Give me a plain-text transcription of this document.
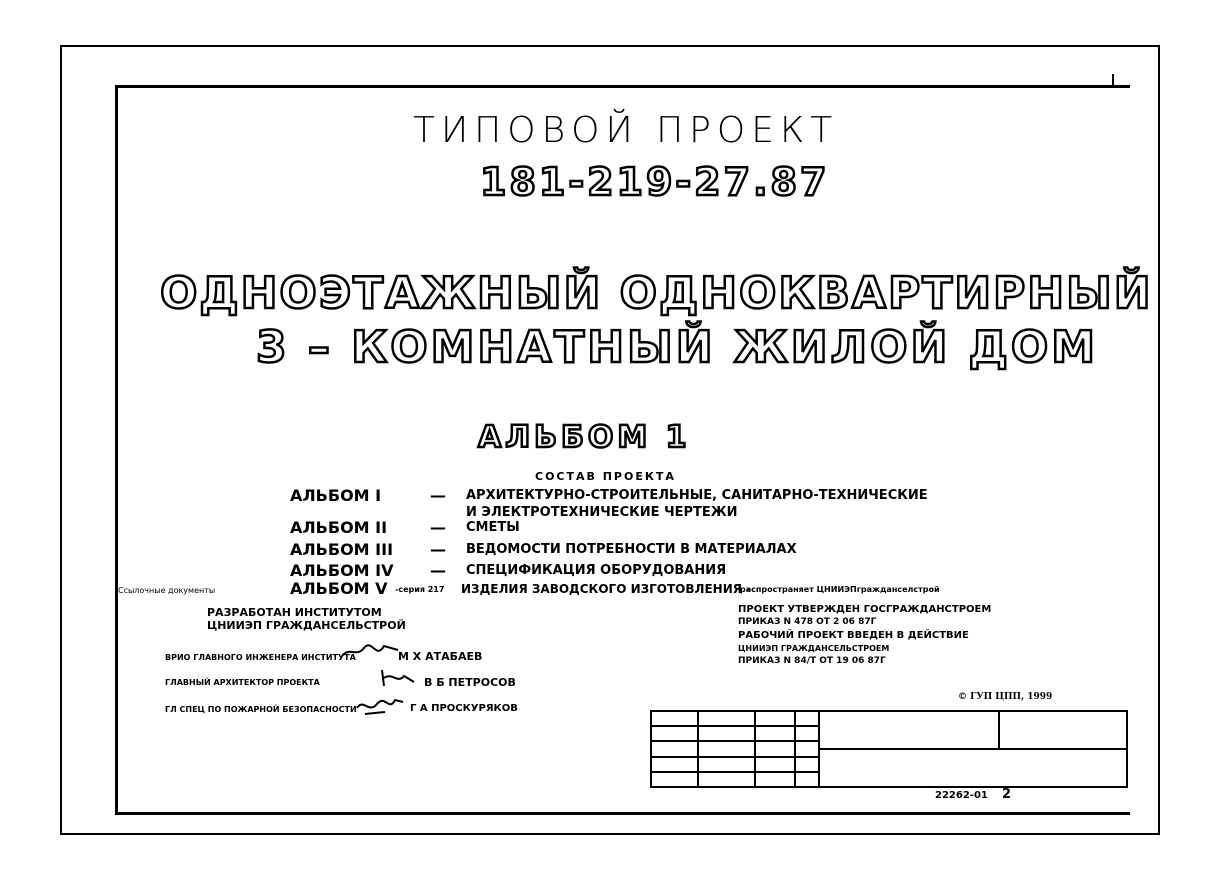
ТИПОВОЙ ПРОЕКТ
181-219-27.87
ОДНОЭТАЖНЫЙ ОДНОКВАРТИРНЫЙ
3 – КОМНАТНЫЙ ЖИЛОЙ ДОМ
АЛЬБОМ 1
СОСТАВ ПРОЕКТА
АЛЬБОМ I	— АРХИТЕКТУРНО-СТРОИТЕЛЬНЫЕ, САНИТАРНО-ТЕХНИЧЕСКИЕ
И ЭЛЕКТРОТЕХНИЧЕСКИЕ ЧЕРТЕЖИ
АЛЬБОМ II	— СМЕТЫ
АЛЬБОМ III — ВЕДОМОСТИ ПОТРЕБНОСТИ В МАТЕРИАЛАХ
АЛЬБОМ IV — СПЕЦИФИКАЦИЯ ОБОРУДОВАНИЯ
Ссылочные документы	АЛЬБОМ V -серия 217 ИЗДЕЛИЯ ЗАВОДСКОГО ИЗГОТОВЛЕНИЯ -
распространяет ЦНИИЭПгражданселстрой
РАЗРАБОТАН ИНСТИТУТОМ
ЦНИИЭП ГРАЖДАНСЕЛЬСТРОЙ
ВРИО ГЛАВНОГО ИНЖЕНЕРА ИНСТИТУТА	М Х АТАБАЕВ
ГЛАВНЫЙ АРХИТЕКТОР ПРОЕКТА	В Б ПЕТРОСОВ
ГЛ СПЕЦ ПО ПОЖАРНОЙ БЕЗОПАСНОСТИ	Г А ПРОСКУРЯКОВ
ПРОЕКТ УТВЕРЖДЕН ГОСГРАЖДАНСТРОЕМ
ПРИКАЗ N 478 ОТ 2 06 87Г
РАБОЧИЙ ПРОЕКТ ВВЕДЕН В ДЕЙСТВИЕ
ЦНИИЭП ГРАЖДАНСЕЛЬСТРОЕМ
ПРИКАЗ N 84/Т ОТ 19 06 87Г
© ГУП ЦПП, 1999

22262-01 2
